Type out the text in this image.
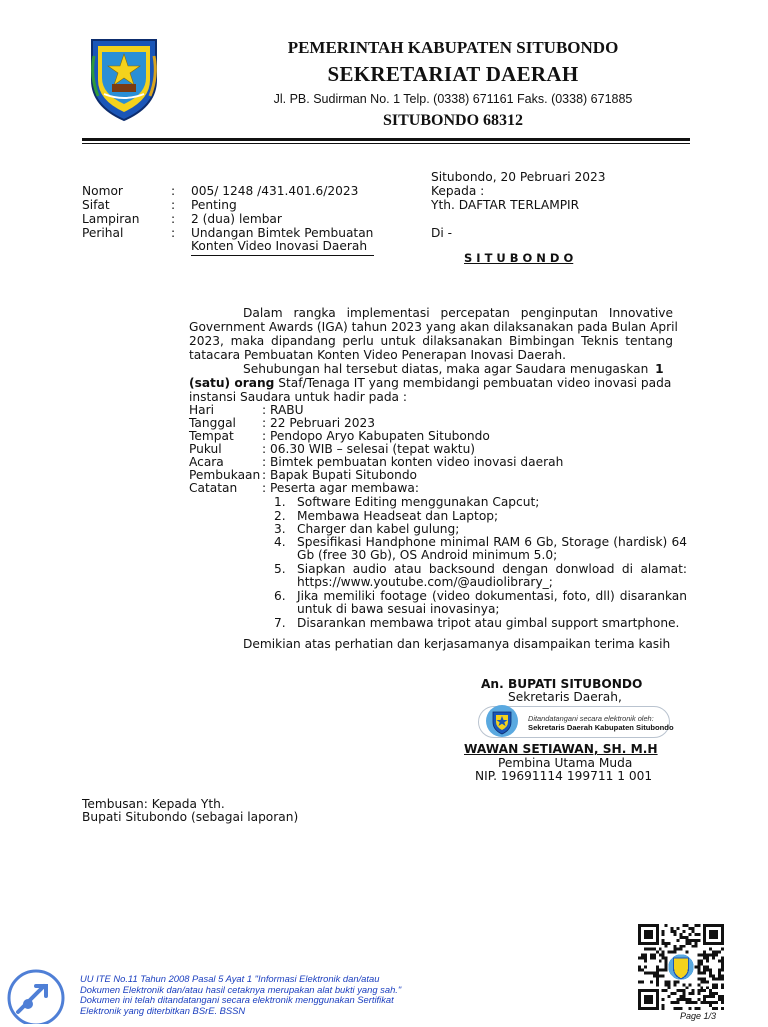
PEMERINTAH KABUPATEN SITUBONDO
SEKRETARIAT DAERAH
Jl. PB. Sudirman No. 1 Telp. (0338) 671161 Faks. (0338) 671885
SITUBONDO 68312
Situbondo, 20 Pebruari 2023
Kepada :
Yth. DAFTAR TERLAMPIR
Di -
S I T U B O N D O
Nomor	: 005/ 1248 /431.401.6/2023
Sifat	: Penting
Lampiran	: 2 (dua) lembar
Perihal	: Undangan Bimtek Pembuatan
Konten Video Inovasi Daerah
Dalam rangka implementasi percepatan penginputan Innovative
Government Awards (IGA) tahun 2023 yang akan dilaksanakan pada Bulan April
2023, maka dipandang perlu untuk dilaksanakan Bimbingan Teknis tentang
tatacara Pembuatan Konten Video Penerapan Inovasi Daerah.
Sehubungan hal tersebut diatas, maka agar Saudara menugaskan 1
(satu) orang Staf/Tenaga IT yang membidangi pembuatan video inovasi pada
instansi Saudara untuk hadir pada :
Hari	: RABU
Tanggal : 22 Pebruari 2023
Tempat : Pendopo Aryo Kabupaten Situbondo
Pukul	: 06.30 WIB – selesai (tepat waktu)
Acara	: Bimtek pembuatan konten video inovasi daerah
Pembukaan : Bapak Bupati Situbondo
Catatan : Peserta agar membawa:
1. Software Editing menggunakan Capcut;
2. Membawa Headseat dan Laptop;
3. Charger dan kabel gulung;
4. Spesifikasi Handphone minimal RAM 6 Gb, Storage (hardisk) 64
Gb (free 30 Gb), OS Android minimum 5.0;
5. Siapkan audio atau backsound dengan donwload di alamat:
https://www.youtube.com/@audiolibrary_;
6. Jika memiliki footage (video dokumentasi, foto, dll) disarankan
untuk di bawa sesuai inovasinya;
7. Disarankan membawa tripot atau gimbal support smartphone.
Demikian atas perhatian dan kerjasamanya disampaikan terima kasih
An. BUPATI SITUBONDO
Sekretaris Daerah,
Ditandatangani secara elektronik oleh:
Sekretaris Daerah Kabupaten Situbondo
WAWAN SETIAWAN, SH. M.H
Pembina Utama Muda
NIP. 19691114 199711 1 001
Tembusan: Kepada Yth.
Bupati Situbondo (sebagai laporan)
UU ITE No.11 Tahun 2008 Pasal 5 Ayat 1 "Informasi Elektronik dan/atau
Dokumen Elektronik dan/atau hasil cetaknya merupakan alat bukti yang sah."
Dokumen ini telah ditandatangani secara elektronik menggunakan Sertifikat
Elektronik yang diterbitkan BSrE. BSSN
Page 1/3
